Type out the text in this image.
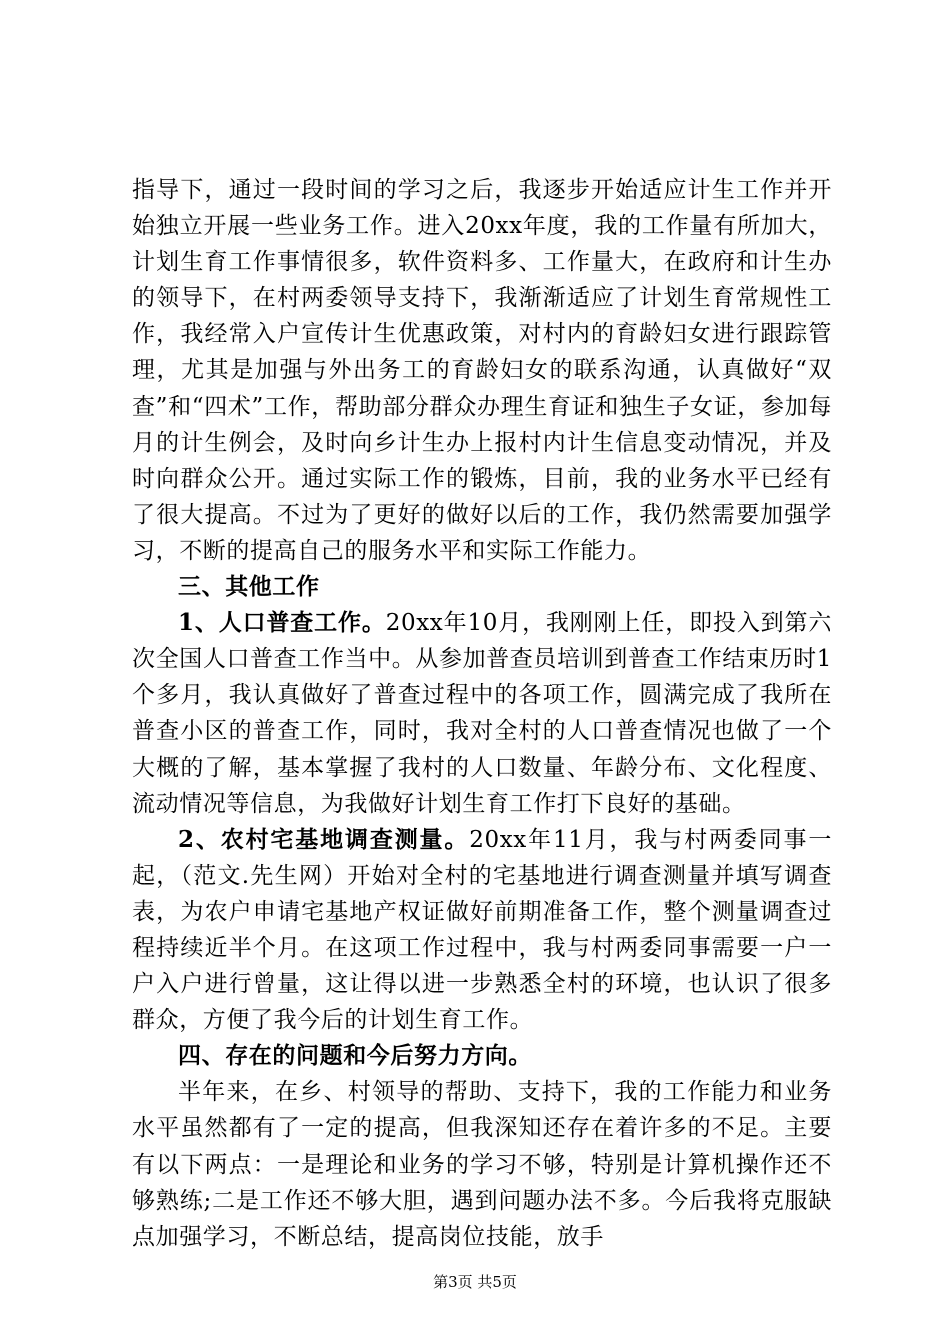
指导下，通过一段时间的学习之后，我逐步开始适应计生工作并开始独立开展一些业务工作。进入20xx年度，我的工作量有所加大，计划生育工作事情很多，软件资料多、工作量大，在政府和计生办的领导下，在村两委领导支持下，我渐渐适应了计划生育常规性工作，我经常入户宣传计生优惠政策，对村内的育龄妇女进行跟踪管理，尤其是加强与外出务工的育龄妇女的联系沟通，认真做好“双查”和“四术”工作，帮助部分群众办理生育证和独生子女证，参加每月的计生例会，及时向乡计生办上报村内计生信息变动情况，并及时向群众公开。通过实际工作的锻炼，目前，我的业务水平已经有了很大提高。不过为了更好的做好以后的工作，我仍然需要加强学习，不断的提高自己的服务水平和实际工作能力。

三、其他工作

1、人口普查工作。20xx年10月，我刚刚上任，即投入到第六次全国人口普查工作当中。从参加普查员培训到普查工作结束历时1个多月，我认真做好了普查过程中的各项工作，圆满完成了我所在普查小区的普查工作，同时，我对全村的人口普查情况也做了一个大概的了解，基本掌握了我村的人口数量、年龄分布、文化程度、流动情况等信息，为我做好计划生育工作打下良好的基础。

2、农村宅基地调查测量。20xx年11月，我与村两委同事一起，（范文.先生网）开始对全村的宅基地进行调查测量并填写调查表，为农户申请宅基地产权证做好前期准备工作，整个测量调查过程持续近半个月。在这项工作过程中，我与村两委同事需要一户一户入户进行曾量，这让得以进一步熟悉全村的环境，也认识了很多群众，方便了我今后的计划生育工作。

四、存在的问题和今后努力方向。

半年来，在乡、村领导的帮助、支持下，我的工作能力和业务水平虽然都有了一定的提高，但我深知还存在着许多的不足。主要有以下两点：一是理论和业务的学习不够，特别是计算机操作还不够熟练;二是工作还不够大胆，遇到问题办法不多。今后我将克服缺点加强学习，不断总结，提高岗位技能，放手

第3页 共5页
